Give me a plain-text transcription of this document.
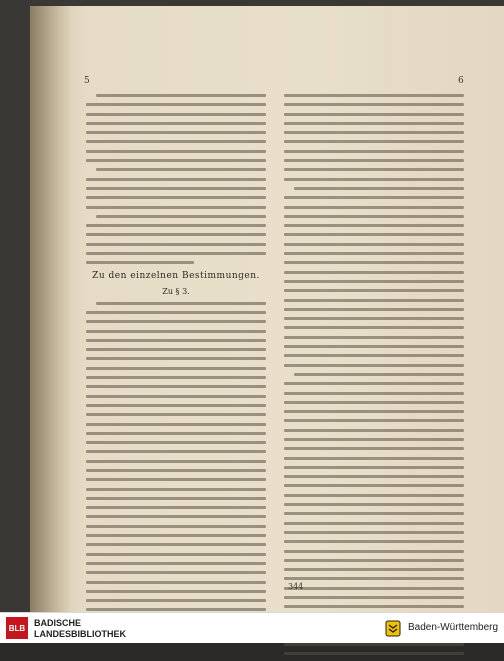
5	6
Zu den einzelnen Bestimmungen.
Zu § 3.
344
BLB BADISCHE
LANDESBIBLIOTHEK
Baden-Württemberg
